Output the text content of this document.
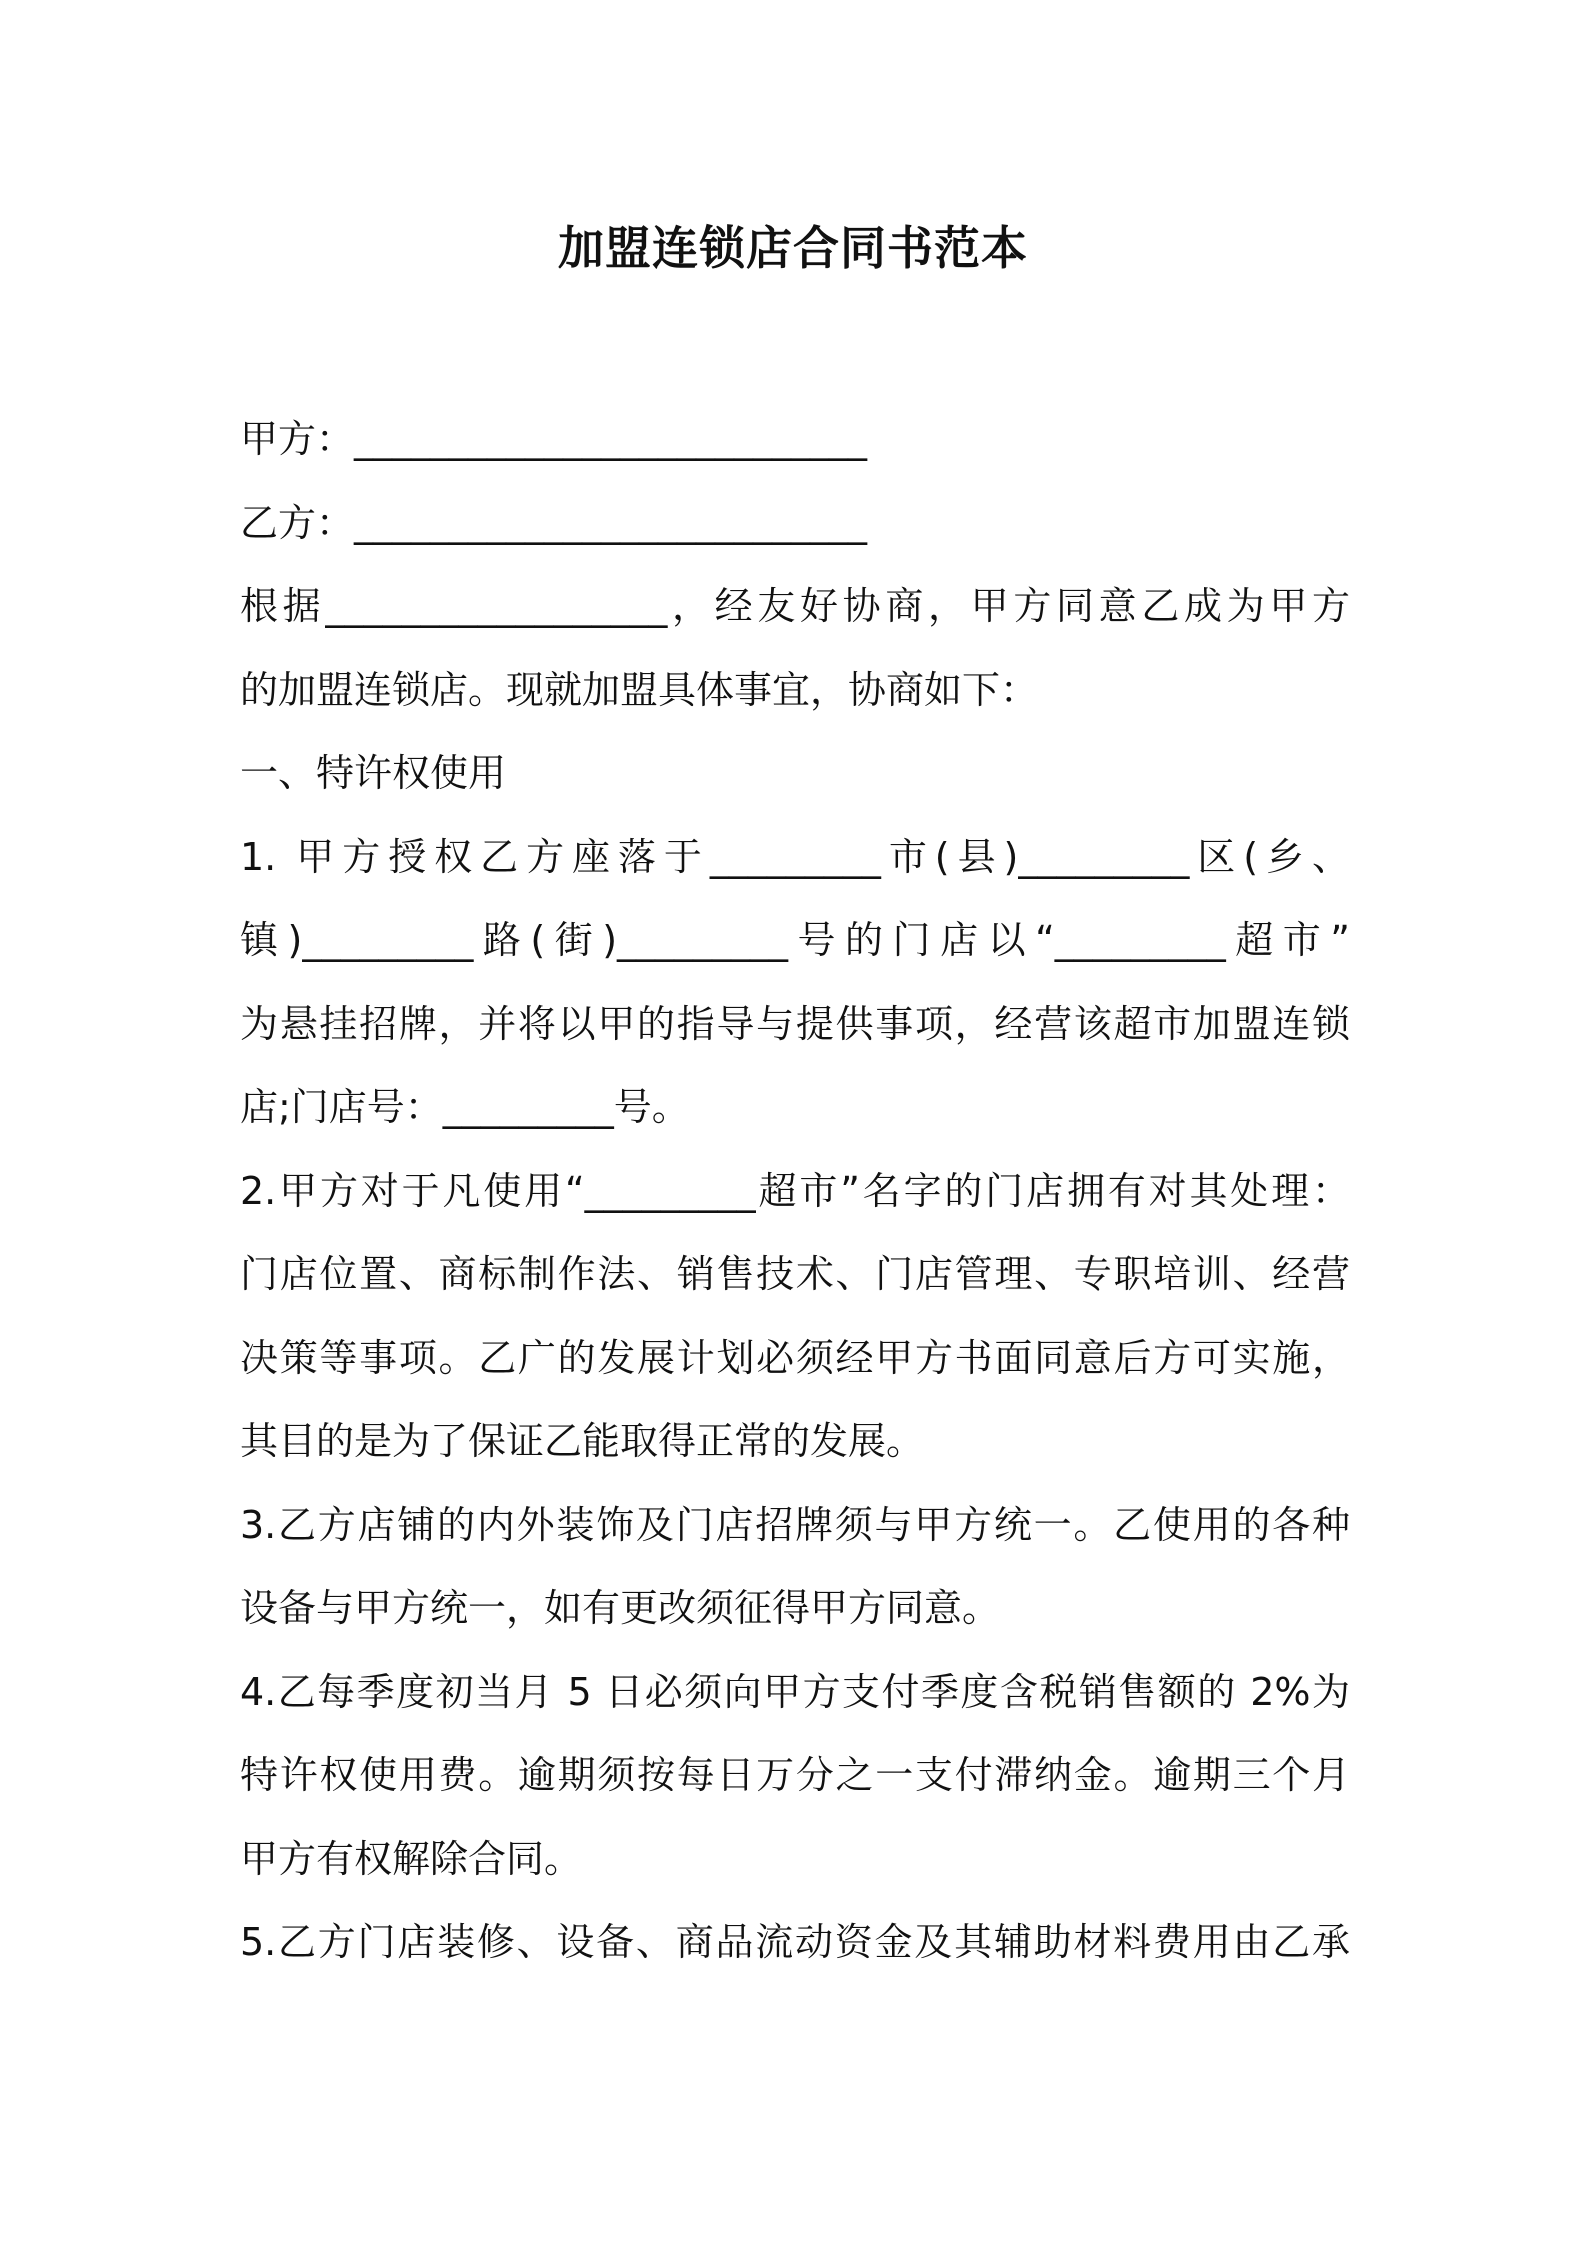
加盟连锁店合同书范本
甲方：___________________________
乙方：___________________________
根据__________________，经友好协商，甲方同意乙成为甲方
的加盟连锁店。现就加盟具体事宜，协商如下：
一、特许权使用
1. 甲方授权乙方座落于_________市(县)_________区(乡、
镇)_________路(街)_________号的门店以“_________超市”
为悬挂招牌，并将以甲的指导与提供事项，经营该超市加盟连锁
店;门店号：_________号。
2.甲方对于凡使用“_________超市”名字的门店拥有对其处理：
门店位置、商标制作法、销售技术、门店管理、专职培训、经营
决策等事项。乙广的发展计划必须经甲方书面同意后方可实施，
其目的是为了保证乙能取得正常的发展。
3.乙方店铺的内外装饰及门店招牌须与甲方统一。乙使用的各种
设备与甲方统一，如有更改须征得甲方同意。
4.乙每季度初当月 5 日必须向甲方支付季度含税销售额的 2%为
特许权使用费。逾期须按每日万分之一支付滞纳金。逾期三个月
甲方有权解除合同。
5.乙方门店装修、设备、商品流动资金及其辅助材料费用由乙承
